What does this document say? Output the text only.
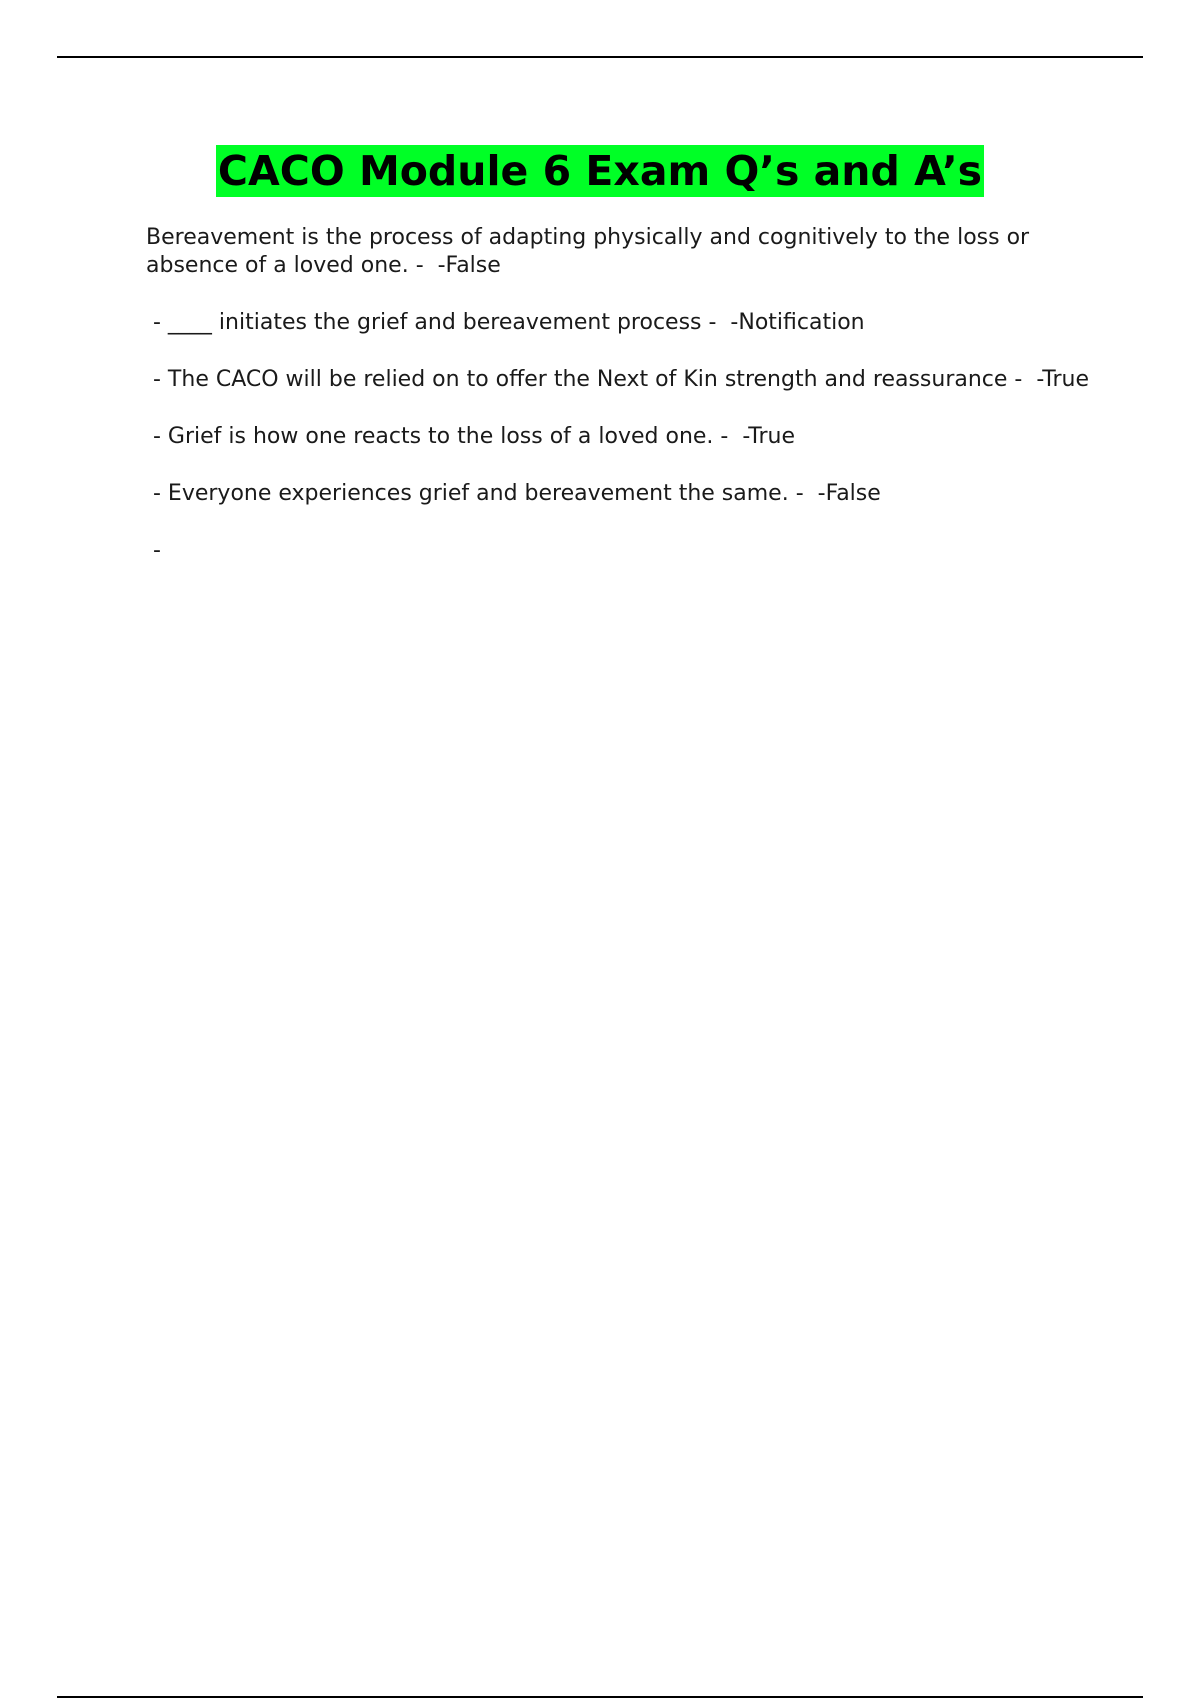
CACO Module 6 Exam Q’s and A’s

Bereavement is the process of adapting physically and cognitively to the loss or absence of a loved one. -  -False

- ____ initiates the grief and bereavement process -  -Notification

- The CACO will be relied on to offer the Next of Kin strength and reassurance -  -True

- Grief is how one reacts to the loss of a loved one. -  -True

- Everyone experiences grief and bereavement the same. -  -False

-
